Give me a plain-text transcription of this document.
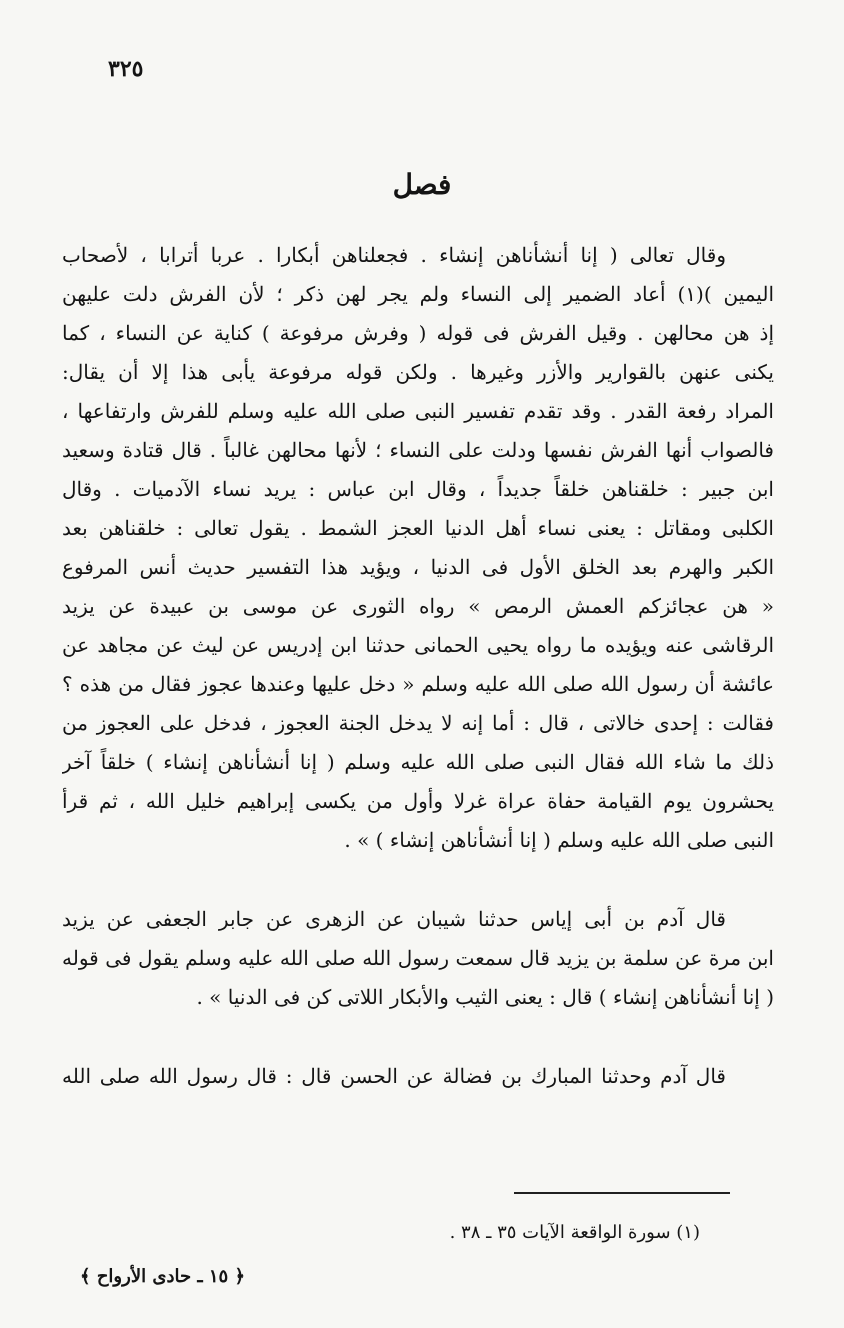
٣٢٥
فصل
وقال تعالى ( إنا أنشأناهن إنشاء . فجعلناهن أبكارا . عربا أترابا ، لأصحاب
اليمين )(١) أعاد الضمير إلى النساء ولم يجر لهن ذكر ؛ لأن الفرش دلت عليهن
إذ هن محالهن . وقيل الفرش فى قوله ( وفرش مرفوعة ) كناية عن النساء ، كما
يكنى عنهن بالقوارير والأزر وغيرها . ولكن قوله مرفوعة يأبى هذا إلا أن يقال:
المراد رفعة القدر . وقد تقدم تفسير النبى صلى الله عليه وسلم للفرش وارتفاعها ،
فالصواب أنها الفرش نفسها ودلت على النساء ؛ لأنها محالهن غالباً . قال قتادة وسعيد
ابن جبير : خلقناهن خلقاً جديداً ، وقال ابن عباس : يريد نساء الآدميات . وقال
الكلبى ومقاتل : يعنى نساء أهل الدنيا العجز الشمط . يقول تعالى : خلقناهن بعد
الكبر والهرم بعد الخلق الأول فى الدنيا ، ويؤيد هذا التفسير حديث أنس المرفوع
« هن عجائزكم العمش الرمص » رواه الثورى عن موسى بن عبيدة عن يزيد
الرقاشى عنه ويؤيده ما رواه يحيى الحمانى حدثنا ابن إدريس عن ليث عن مجاهد عن
عائشة أن رسول الله صلى الله عليه وسلم « دخل عليها وعندها عجوز فقال من هذه ؟
فقالت : إحدى خالاتى ، قال : أما إنه لا يدخل الجنة العجوز ، فدخل على العجوز من
ذلك ما شاء الله فقال النبى صلى الله عليه وسلم ( إنا أنشأناهن إنشاء ) خلقاً آخر
يحشرون يوم القيامة حفاة عراة غرلا وأول من يكسى إبراهيم خليل الله ، ثم قرأ
النبى صلى الله عليه وسلم ( إنا أنشأناهن إنشاء ) » .
قال آدم بن أبى إياس حدثنا شيبان عن الزهرى عن جابر الجعفى عن يزيد
ابن مرة عن سلمة بن يزيد قال سمعت رسول الله صلى الله عليه وسلم يقول فى قوله
( إنا أنشأناهن إنشاء ) قال : يعنى الثيب والأبكار اللاتى كن فى الدنيا » .
قال آدم وحدثنا المبارك بن فضالة عن الحسن قال : قال رسول الله صلى الله
(١) سورة الواقعة الآيات ٣٥ ـ ٣٨ .
﴿ ١٥ ـ حادى الأرواح ﴾
